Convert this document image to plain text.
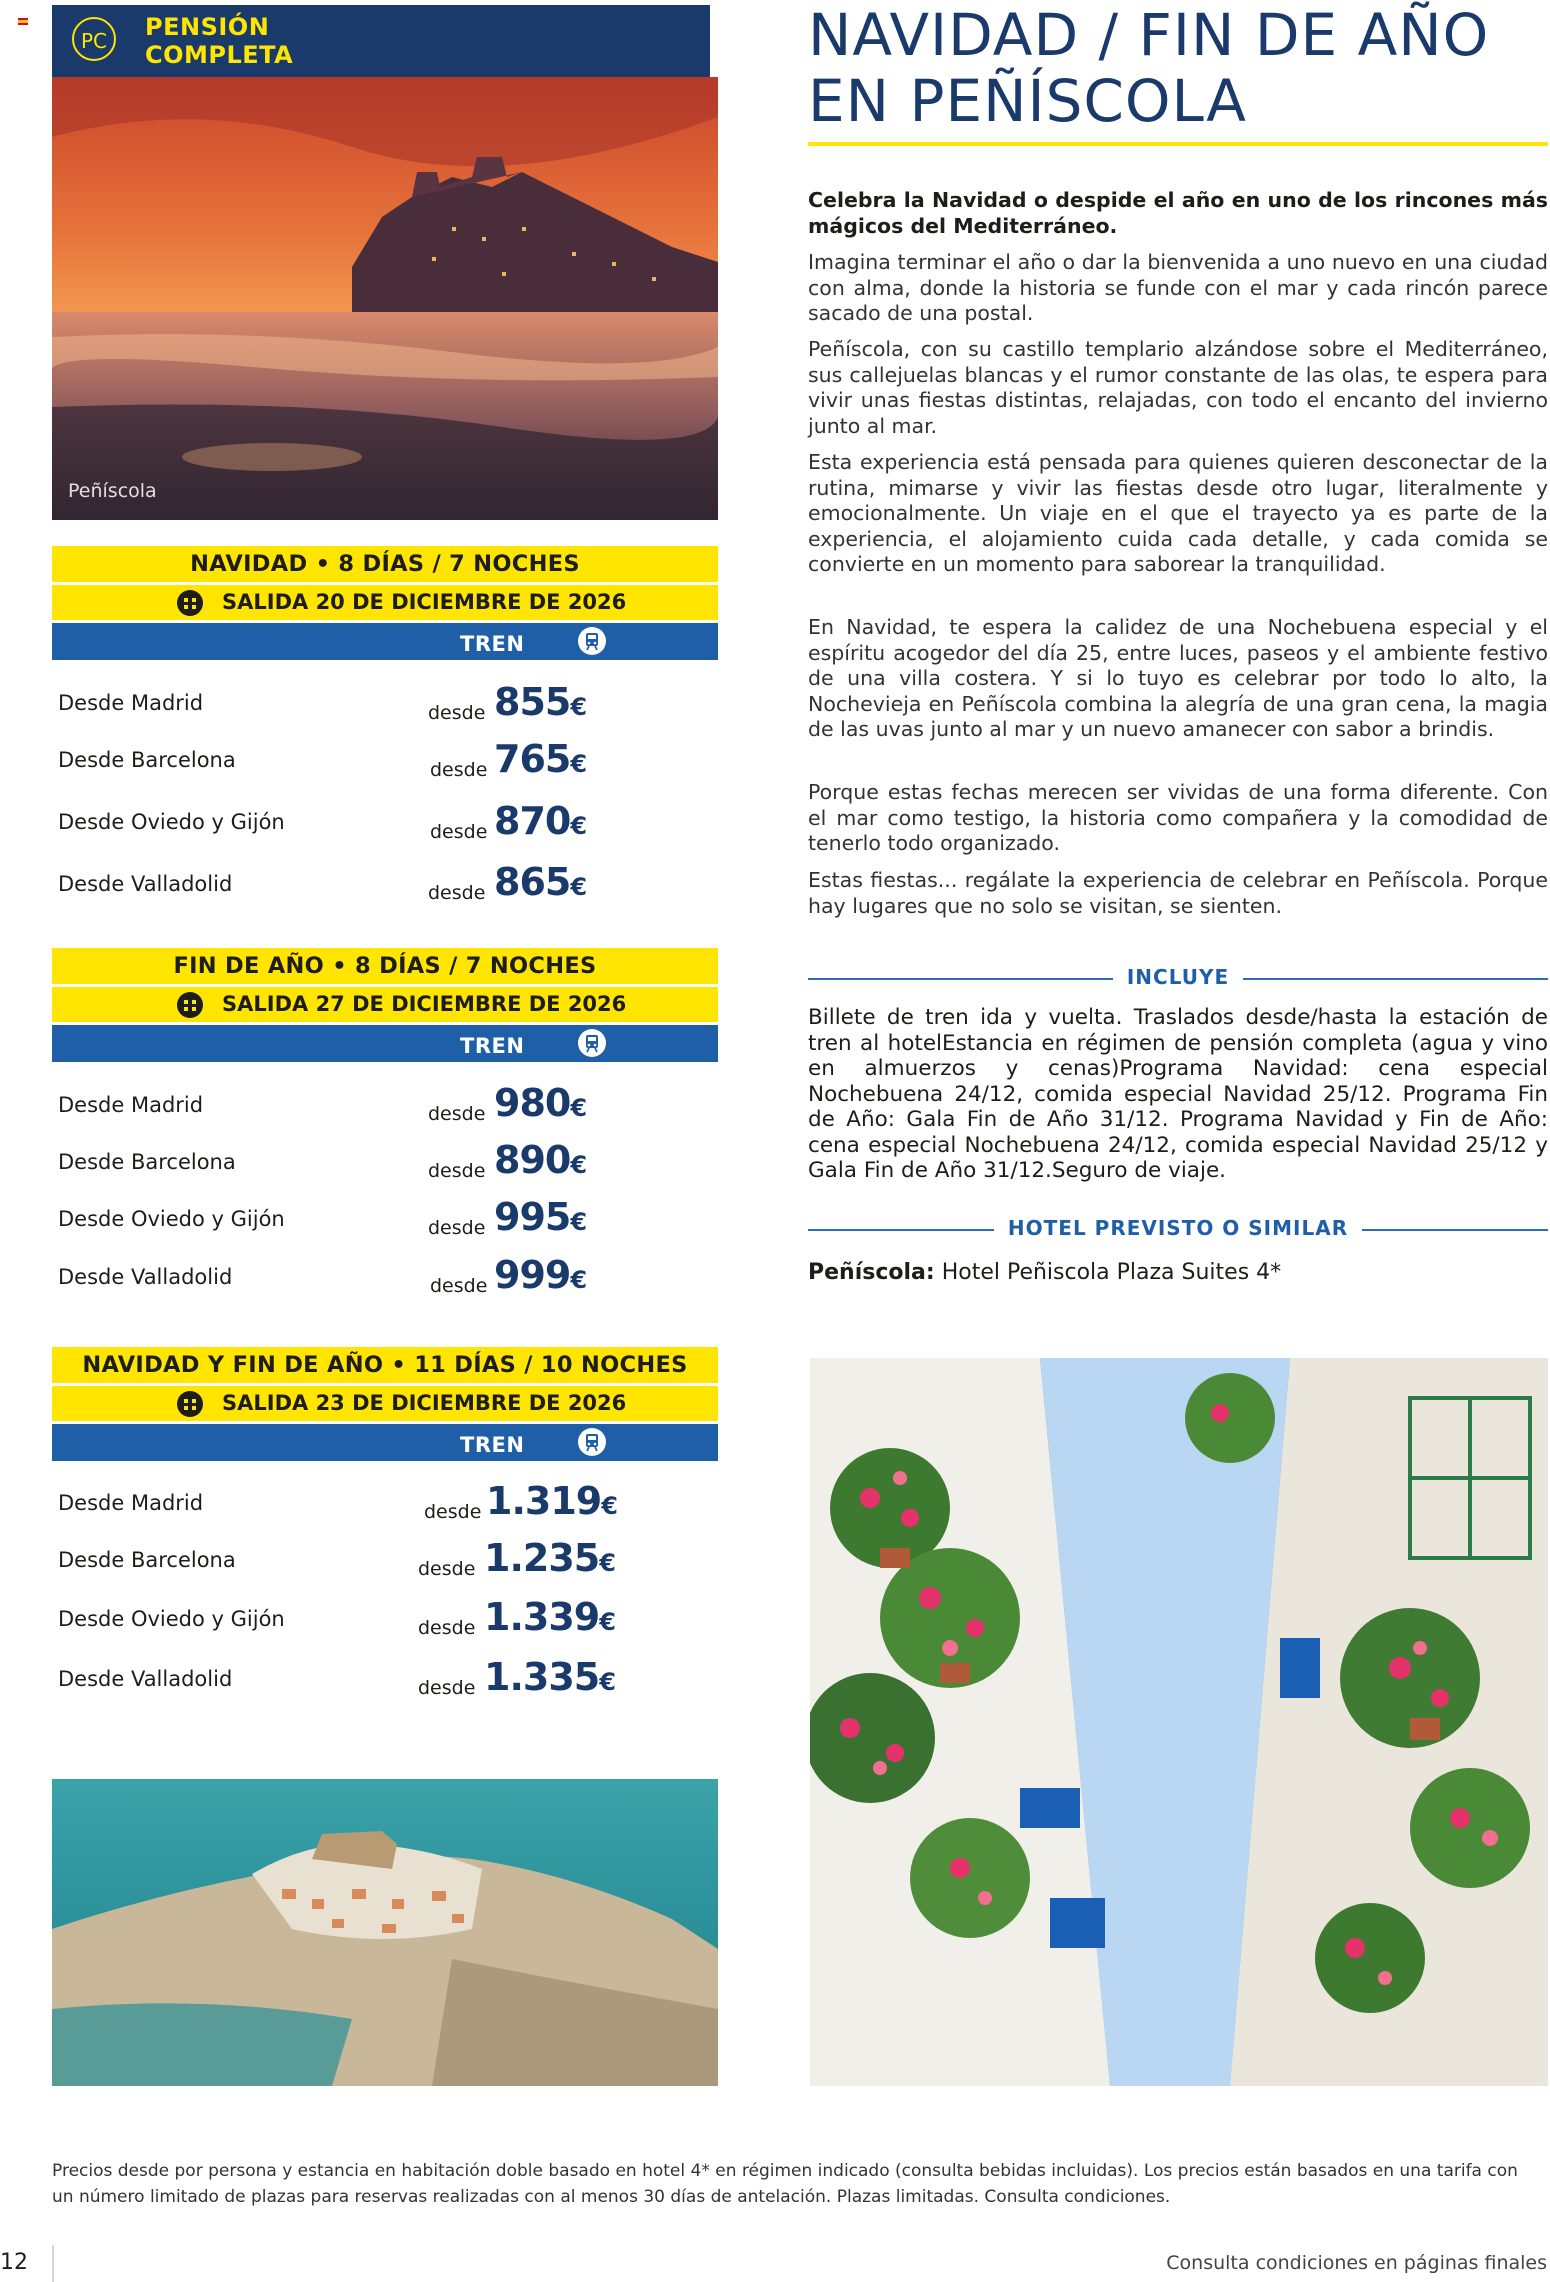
PC	PENSIÓN
COMPLETA
Peñíscola
NAVIDAD / FIN DE AÑO
EN PEÑÍSCOLA
Celebra la Navidad o despide el año en uno de los rincones más mágicos del Mediterráneo.
Imagina terminar el año o dar la bienvenida a uno nuevo en una ciudad con alma, donde la historia se funde con el mar y cada rincón parece sacado de una postal.
Peñíscola, con su castillo templario alzándose sobre el Mediterráneo, sus callejuelas blancas y el rumor constante de las olas, te espera para vivir unas fiestas distintas, relajadas, con todo el encanto del invierno junto al mar.
Esta experiencia está pensada para quienes quieren desconectar de la rutina, mimarse y vivir las fiestas desde otro lugar, literalmente y emocionalmente. Un viaje en el que el trayecto ya es parte de la experiencia, el alojamiento cuida cada detalle, y cada comida se convierte en un momento para saborear la tranquilidad.
En Navidad, te espera la calidez de una Nochebuena especial y el espíritu acogedor del día 25, entre luces, paseos y el ambiente festivo de una villa costera. Y si lo tuyo es celebrar por todo lo alto, la Nochevieja en Peñíscola combina la alegría de una gran cena, la magia de las uvas junto al mar y un nuevo amanecer con sabor a brindis.
Porque estas fechas merecen ser vividas de una forma diferente. Con el mar como testigo, la historia como compañera y la comodidad de tenerlo todo organizado.
Estas fiestas... regálate la experiencia de celebrar en Peñíscola. Porque hay lugares que no solo se visitan, se sienten.
INCLUYE
Billete de tren ida y vuelta. Traslados desde/hasta la estación de tren al hotelEstancia en régimen de pensión completa (agua y vino en almuerzos y cenas)Programa Navidad: cena especial Nochebuena 24/12, comida especial Navidad 25/12. Programa Fin de Año: Gala Fin de Año 31/12. Programa Navidad y Fin de Año: cena especial Nochebuena 24/12, comida especial Navidad 25/12 y Gala Fin de Año 31/12.Seguro de viaje.
HOTEL PREVISTO O SIMILAR
Peñíscola: Hotel Peñiscola Plaza Suites 4*
NAVIDAD • 8 DÍAS / 7 NOCHES
SALIDA 20 DE DICIEMBRE DE 2026
TREN
Desde Madrid	desde 855€
Desde Barcelona	desde 765€
Desde Oviedo y Gijón	desde 870€
Desde Valladolid	desde 865€
FIN DE AÑO • 8 DÍAS / 7 NOCHES
SALIDA 27 DE DICIEMBRE DE 2026
TREN
Desde Madrid	desde 980€
Desde Barcelona	desde 890€
Desde Oviedo y Gijón	desde 995€
Desde Valladolid	desde 999€
NAVIDAD Y FIN DE AÑO • 11 DÍAS / 10 NOCHES
SALIDA 23 DE DICIEMBRE DE 2026
TREN
Desde Madrid	desde 1.319€
Desde Barcelona	desde 1.235€
Desde Oviedo y Gijón	desde 1.339€
Desde Valladolid	desde 1.335€
Precios desde por persona y estancia en habitación doble basado en hotel 4* en régimen indicado (consulta bebidas incluidas). Los precios están basados en una tarifa con un número limitado de plazas para reservas realizadas con al menos 30 días de antelación. Plazas limitadas. Consulta condiciones.
12	Consulta condiciones en páginas finales
